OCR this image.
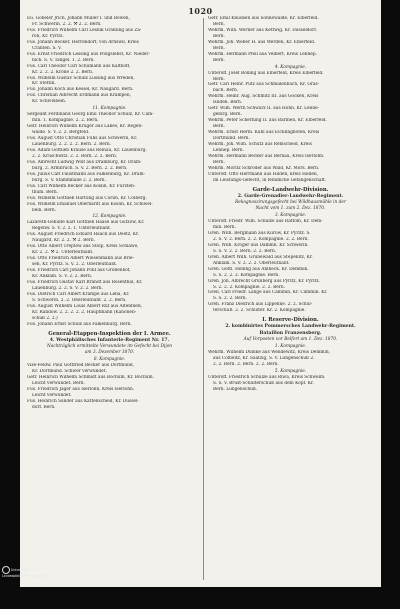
1020
Eu. Göbeler Jrich, Johann Müller I. und Bowen,
Fr. Schwerin. 2. 2. ⚒ 2. 2. Bern.
Füs. Friedrich Wilhelm Carl Lesnik Graßling aus Za-
ron, Kr. Pyritz.
Füs. Johann Becker, Herrendorf, von Arnswil, Kreis
Cranten. S. V.
Füs. Ernst Friedrich Lessing aus Pongslebst, Kr. Nieder-
nich. S. V. Tangel. 1. 2. Bern.
Füs. Carl Theodor Carl Schumann aus Kalthoff,
Kr. 2. 2. 2. Krone 2. 2. Bern.
Füs. Wilhelm Gustav Schulz Lüssing aus Wreden,
Kr. Stettin.
Füs. Johann Koch aus Kessel, Kr. Naugard. Bern.
Füs. Christian Albrecht Erdmann aus Krampen,
Kr. Schivelbein.
11. Kompagnie.
Sergeant Ferdinand Georg Emil Theodor Schulz, Kr. Cam-
min. 1. Kompagnie. 2. 2. Bern.
Gefr. Heinrich Wilhelm Krüger aus Labes, Kr. Regen-
walde. S. V. 2. 2. Bergfeld.
Füs. August Otto Christian Fuhs aus Schwerin, Kr.
Lauenburg. 2. 2. 2. 2. Bern. 2. Bern.
Füs. Adam Gottlieb Krause aus Reinau, Kr. Lauenburg.
2. 2. Kruschwitz. 2. 2. Bern. 2. 2. Bern.
Füs. Albrecht Ludwig Wolf aus Dramburg, Kr. Dram-
burg. 2. Armbruch. S. V. 2. Bern. 2. 2. Bern.
Füs. Julius Carl Faustmann aus Falkenburg, Kr. Dram-
burg. S. V. Stammhalle 2. 2. Bern.
Füs. Carl Wilhelm Becker aus Köslin, Kr. Fürsten-
thum. Bern.
Füs. Wilhelm Gottlieb Hartung aus Cörlin, Kr. Colberg.
Füs. Wilhelm Emanuel Oberhardt aus Köslin, Kr. Schiwel-
bein. Bern.
12. Kompagnie.
Lazareth-Gehülfe Karl Gottlieb Haase aus Gützow, Kr.
Regenw. S. V. 2. 2. 1. Unterleutnant.
Füs. August Friedrich Eduard Haack aus Deetz, Kr.
Naugard. Kr. 2. 2. ⚒ 2. Bern.
Füs. Otto Albert Treptow aus Stolp, Kreis Schlawe,
Kr. 2. 2. ⚒ 2. Unterleutnant.
Füs. Otto Friedrich Albert Wiesenmann aus Brie-
sen, Kr. Pyritz. S. V. 2. 2. Oberleutnant.
Füs. Friedrich Carl Johann Pohl aus Großenhof,
Kr. Anklam. S. V. 2. 2. Bern.
Füs. Friedrich Gustav Karl Brandt aus Rosenthal, Kr.
Lauenburg. 2. 2. S. V. 2. 2. Bern.
Füs. Dietrich Carl Albert Krampe aus Leba, Kr.
S. Schwerin. 2. 2. Oberleutnant. 2. 2. Bern.
Füs. August Wilhelm Louis Albert Ruf aus Altenfließ,
Kr. Randow. 2. 2. 2. 2. 2. Hauptmann (Kanonen-
schuß 2. 2.)
Füs. Johann Ernst Schulz aus Falkenburg. Bern.
General-Etappen-Inspektion der I. Armee.
4. Westphälisches Infanterie-Regiment Nr. 17.
Nachträglich ermittelte Verwundete im Gefecht bei Dijon
am 3. Dezember 1870.
8. Kompagnie.
Vize-Feldw. Paul Gottfried Becker aus Dortmund,
Kr. Dortmund. Schwer verwundet.
Gefr. Heinrich Wilhelm Schmidt aus Bochum, Kr. Bochum.
Leicht verwundet. Bern.
Füs. Friedrich Jäger aus Iserlohn, Kreis Iserlohn.
Leicht verwundet.
Füs. Heinrich Sander aus Kattenscheid, Kr. Düssel-
dorf. Bern.
Gefr. Emil Knudsen aus Sonnewalde, Kr. Elberfeld.
Bern.
Wehrm. Wilh. Werner aus Kettwig, Kr. Düsseldorf.
Bern.
Wehrm. Joh. Weber H. aus Werden, Kr. Elberfeld.
Bern.
Wehrm. Hermann Pfeil aus Velbert, Kreis Lennep.
Bern.
4. Kompagnie.
Unteroff. Josef Bolling aus Elberfeld, Kreis Elberfeld.
Bern.
Gefr. Carl Heinr. Pütz aus Schmalenbach, Kr. Gras-
bach. Bern.
Wehrm. Heinr. Aug. Schmitz III. aus Gocken, Kreis
Hilden. Bern.
Gefr. Wilh. Werth Schwarz II. aus Höhn, Kr. Lenne-
gebirg. Bern.
Wehrm. Peter Scherning II. aus Barmen, Kr. Elberfeld.
Bern.
Wehrm. Ernst Herm. Kuhl aus Eichlinghofen, Kreis
Dortmund. Bern.
Wehrm. Joh. Wilh. Schutz aus Remscheid, Kreis
Lennep. Bern.
Wehrm. Hermann Becker aus Bernau, Kreis Iserlohn.
Bern.
Wehrm. Moritz Schröder aus Wald, Kr. Mors. Bern.
Unteroff. Otto Herrmann aus Hilden, kreis Hilden,
im Leistungs-Gefecht, in feindliche Gefangenschaft.
Garde-Landwehr-Division.
2. Garde-Grenadier-Landwehr-Regiment.
Rekognoszirungsgefecht bei Wildhausmühle in der
Nacht vom 1. zum 2. Dez. 1870.
3. Kompagnie.
Unteroff. Friedr. Wilh. Schulze aus Rattom, Kr. Dem-
min. Bern.
Gren. Wilh. Bergmann aus Kurow, Kr. Pyritz. S.
2. S. V. 2. Bern. 2. 2. Kompagnie. 2. 2. Bern.
Gren. Wilh. Kröger aus Dammn. Kr. Schwerin.
S. S. V. 2. 2. Bern. 2. 2. Bern.
Gren. Albert Wilh. Grunewald aus Stepenitz, Kr.
Anklam. S. V. 2. 2. 2. Oberleutnant.
Gren. Gottl. Helling aus Ahlbeck. Kr. Demmin.
S. S. 2. 2. 2. Kompagnie. Bern.
Gren. Joh. Albrecht Grünberg aus Pyritz, Kr. Pyritz.
S. 2. 2. 2. Kompagnie. 2. 2. Bern.
Gren. Carl Friedr. Lange aus Cammin, Kr. Cammin. Kr.
S. S. 2. 2. Bern.
Gren. Franz Diedrich aus Lippehne. 2. 2. Schul-
terschuß. 2. 2. Schulter. Kr. 2. Kompagnie.
I. Reserve-Division.
2. kombinirtes Pommersches Landwehr-Regiment.
Bataillon Franzensberg.
Auf Vorposten vor Belfort am 1. Dez. 1870.
1. Kompagnie.
Wehrm. Wilhelm Dumke aus Wendewitz, Kreis Demmin,
aus Colbeitz, Kr. Saatzig, S. V. Lungenschuß 2.
2. 2. Bern. 2. Bern. 2. 2. Bern.
5. Kompagnie.
Unteroff. Friedrich Schulze aus Riwa, Kreis Schwelm.
S. S. V. Brust-Schulterschuß aus dem Kopf. Kr.
Bern. Lungenschuß.
Universitäts- und
Landesbibliothek Düsseldorf
